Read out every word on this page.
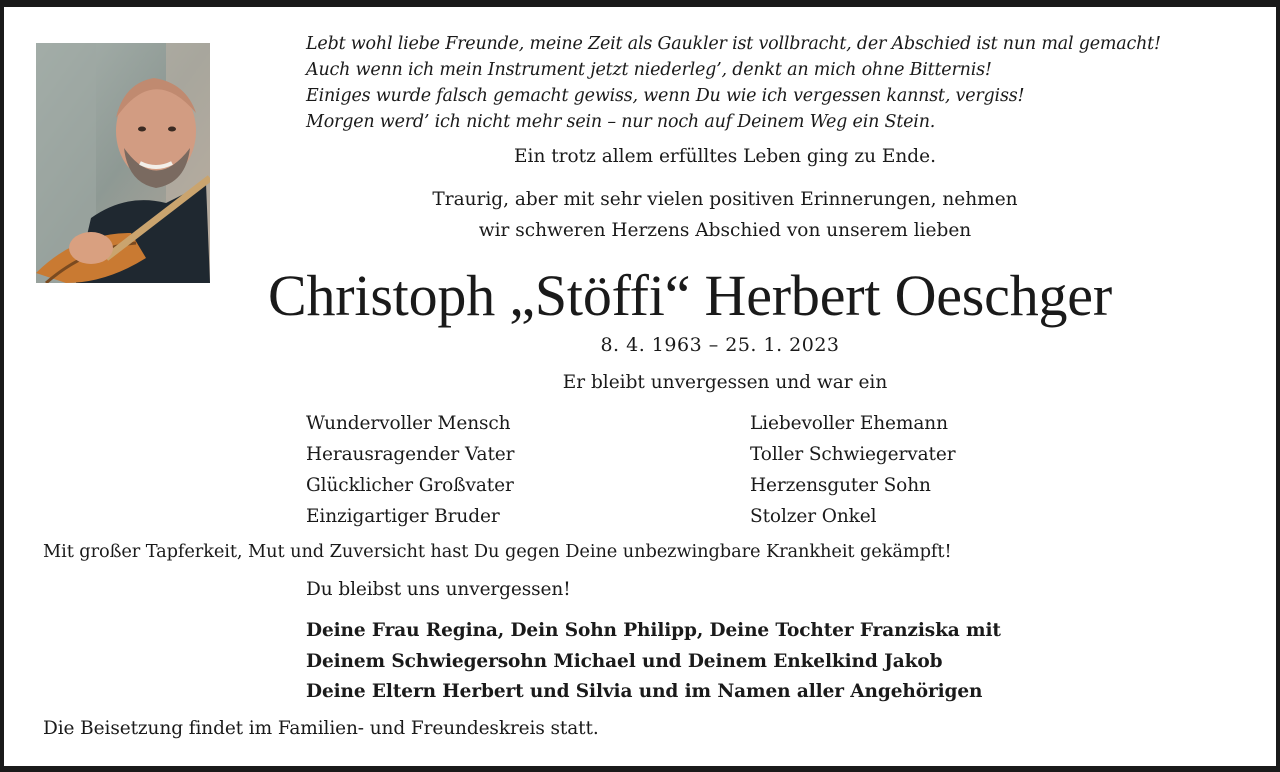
Lebt wohl liebe Freunde, meine Zeit als Gaukler ist vollbracht, der Abschied ist nun mal gemacht!
Auch wenn ich mein Instrument jetzt niederleg’, denkt an mich ohne Bitternis!
Einiges wurde falsch gemacht gewiss, wenn Du wie ich vergessen kannst, vergiss!
Morgen werd’ ich nicht mehr sein – nur noch auf Deinem Weg ein Stein.
Ein trotz allem erfülltes Leben ging zu Ende.
Traurig, aber mit sehr vielen positiven Erinnerungen, nehmen
wir schweren Herzens Abschied von unserem lieben
Christoph „Stöffi“ Herbert Oeschger
8. 4. 1963 – 25. 1. 2023
Er bleibt unvergessen und war ein
Wundervoller Mensch
Herausragender Vater
Glücklicher Großvater
Einzigartiger Bruder
Liebevoller Ehemann
Toller Schwiegervater
Herzensguter Sohn
Stolzer Onkel
Mit großer Tapferkeit, Mut und Zuversicht hast Du gegen Deine unbezwingbare Krankheit gekämpft!
Du bleibst uns unvergessen!
Deine Frau Regina, Dein Sohn Philipp, Deine Tochter Franziska mit
Deinem Schwiegersohn Michael und Deinem Enkelkind Jakob
Deine Eltern Herbert und Silvia und im Namen aller Angehörigen
Die Beisetzung findet im Familien- und Freundeskreis statt.
